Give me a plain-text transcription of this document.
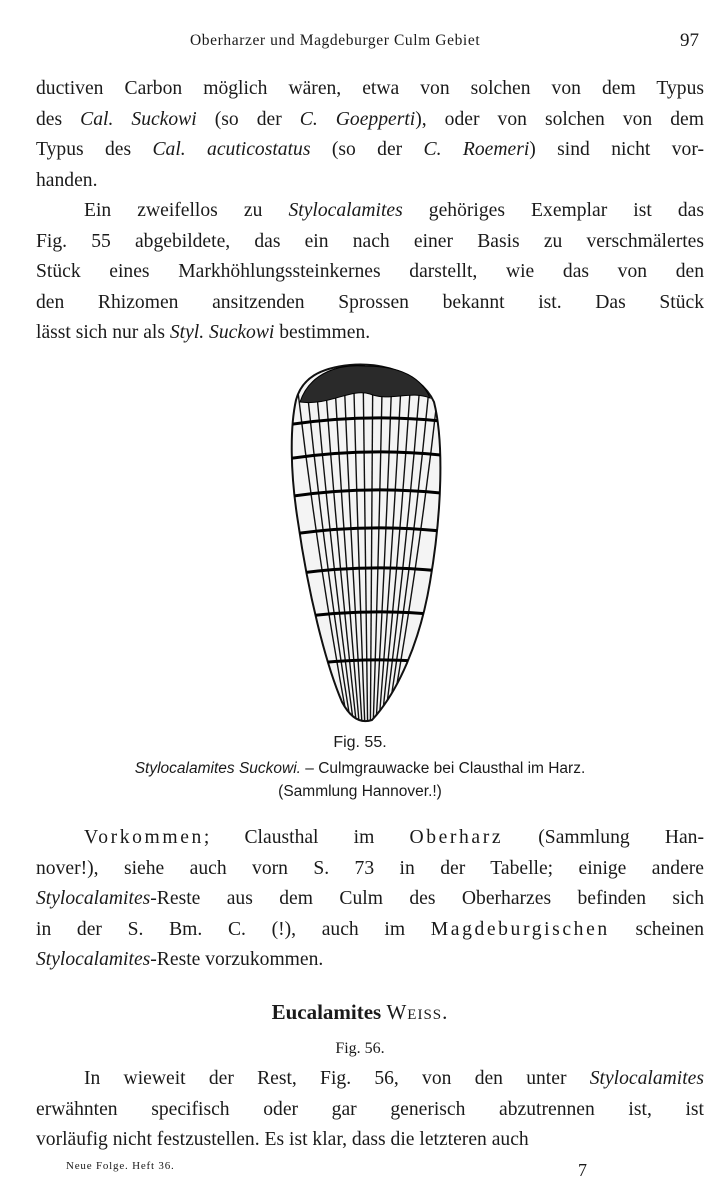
Oberharzer und Magdeburger Culm Gebiet	97
ductiven Carbon möglich wären, etwa von solchen von dem Typus
des Cal. Suckowi (so der C. Goepperti), oder von solchen von dem
Typus des Cal. acuticostatus (so der C. Roemeri) sind nicht vor-
handen.
Ein zweifellos zu Stylocalamites gehöriges Exemplar ist das
Fig. 55 abgebildete, das ein nach einer Basis zu verschmälertes
Stück eines Markhöhlungssteinkernes darstellt, wie das von den
den Rhizomen ansitzenden Sprossen bekannt ist. Das Stück
lässt sich nur als Styl. Suckowi bestimmen.
Fig. 55.
Stylocalamites Suckowi. – Culmgrauwacke bei Clausthal im Harz.
(Sammlung Hannover.!)
Vorkommen; Clausthal im Oberharz (Sammlung Han-
nover!), siehe auch vorn S. 73 in der Tabelle; einige andere
Stylocalamites-Reste aus dem Culm des Oberharzes befinden sich
in der S. Bm. C. (!), auch im Magdeburgischen scheinen
Stylocalamites-Reste vorzukommen.
Eucalamites Weiss.
Fig. 56.
In wieweit der Rest, Fig. 56, von den unter Stylocalamites
erwähnten specifisch oder gar generisch abzutrennen ist, ist
vorläufig nicht festzustellen. Es ist klar, dass die letzteren auch
Neue Folge. Heft 36.	7
